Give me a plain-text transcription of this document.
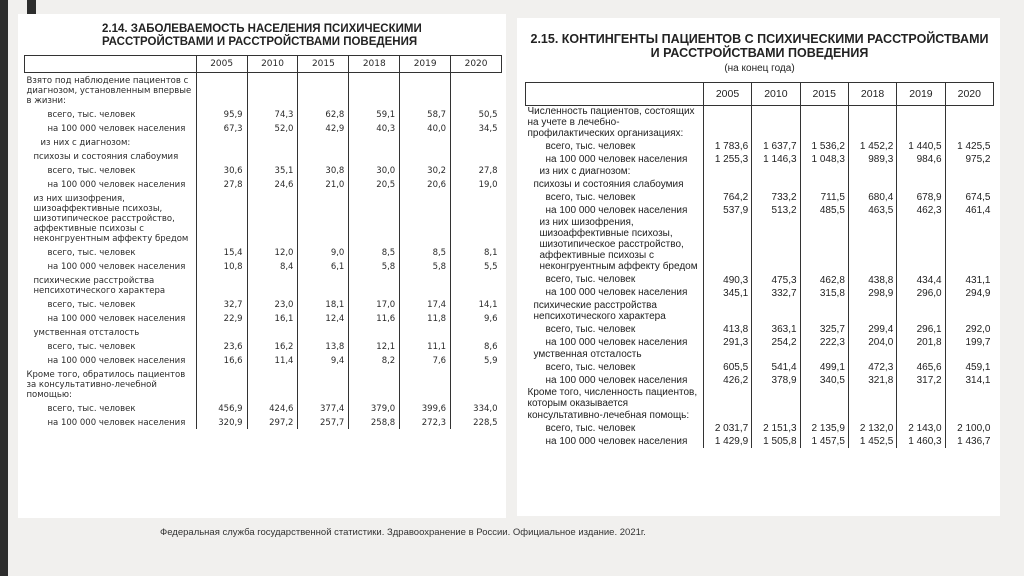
2.14. ЗАБОЛЕВАЕМОСТЬ НАСЕЛЕНИЯ ПСИХИЧЕСКИМИ РАССТРОЙСТВАМИ И РАССТРОЙСТВАМИ ПОВЕДЕНИЯ
	2005	2010	2015	2018	2019	2020
Взято под наблюдение пациентов с диагнозом, установленным впервые в жизни:						
всего, тыс. человек	95,9	74,3	62,8	59,1	58,7	50,5
на 100 000 человек населения	67,3	52,0	42,9	40,3	40,0	34,5
из них с диагнозом:						
психозы и состояния слабоумия						
всего, тыс. человек	30,6	35,1	30,8	30,0	30,2	27,8
на 100 000 человек населения	27,8	24,6	21,0	20,5	20,6	19,0
из них шизофрения, шизоаффективные психозы, шизотипическое расстройство, аффективные психозы с неконгруентным аффекту бредом						
всего, тыс. человек	15,4	12,0	9,0	8,5	8,5	8,1
на 100 000 человек населения	10,8	8,4	6,1	5,8	5,8	5,5
психические расстройства непсихотического характера						
всего, тыс. человек	32,7	23,0	18,1	17,0	17,4	14,1
на 100 000 человек населения	22,9	16,1	12,4	11,6	11,8	9,6
умственная отсталость						
всего, тыс. человек	23,6	16,2	13,8	12,1	11,1	8,6
на 100 000 человек населения	16,6	11,4	9,4	8,2	7,6	5,9
Кроме того, обратилось пациентов за консультативно-лечебной помощью:						
всего, тыс. человек	456,9	424,6	377,4	379,0	399,6	334,0
на 100 000 человек населения	320,9	297,2	257,7	258,8	272,3	228,5
2.15. КОНТИНГЕНТЫ ПАЦИЕНТОВ С ПСИХИЧЕСКИМИ РАССТРОЙСТВАМИ И РАССТРОЙСТВАМИ ПОВЕДЕНИЯ
(на конец года)
	2005	2010	2015	2018	2019	2020
Численность пациентов, состоящих на учете в лечебно-профилактических организациях:						
всего, тыс. человек	1 783,6	1 637,7	1 536,2	1 452,2	1 440,5	1 425,5
на 100 000 человек населения	1 255,3	1 146,3	1 048,3	989,3	984,6	975,2
из них с диагнозом:						
психозы и состояния слабоумия						
всего, тыс. человек	764,2	733,2	711,5	680,4	678,9	674,5
на 100 000 человек населения	537,9	513,2	485,5	463,5	462,3	461,4
из них шизофрения, шизоаффективные психозы, шизотипическое расстройство, аффективные психозы с неконгруентным аффекту бредом						
всего, тыс. человек	490,3	475,3	462,8	438,8	434,4	431,1
на 100 000 человек населения	345,1	332,7	315,8	298,9	296,0	294,9
психические расстройства непсихотического характера						
всего, тыс. человек	413,8	363,1	325,7	299,4	296,1	292,0
на 100 000 человек населения	291,3	254,2	222,3	204,0	201,8	199,7
умственная отсталость						
всего, тыс. человек	605,5	541,4	499,1	472,3	465,6	459,1
на 100 000 человек населения	426,2	378,9	340,5	321,8	317,2	314,1
Кроме того, численность пациентов, которым оказывается консультативно-лечебная помощь:						
всего, тыс. человек	2 031,7	2 151,3	2 135,9	2 132,0	2 143,0	2 100,0
на 100 000 человек населения	1 429,9	1 505,8	1 457,5	1 452,5	1 460,3	1 436,7
Федеральная служба государственной статистики. Здравоохранение в России. Официальное издание. 2021г.
